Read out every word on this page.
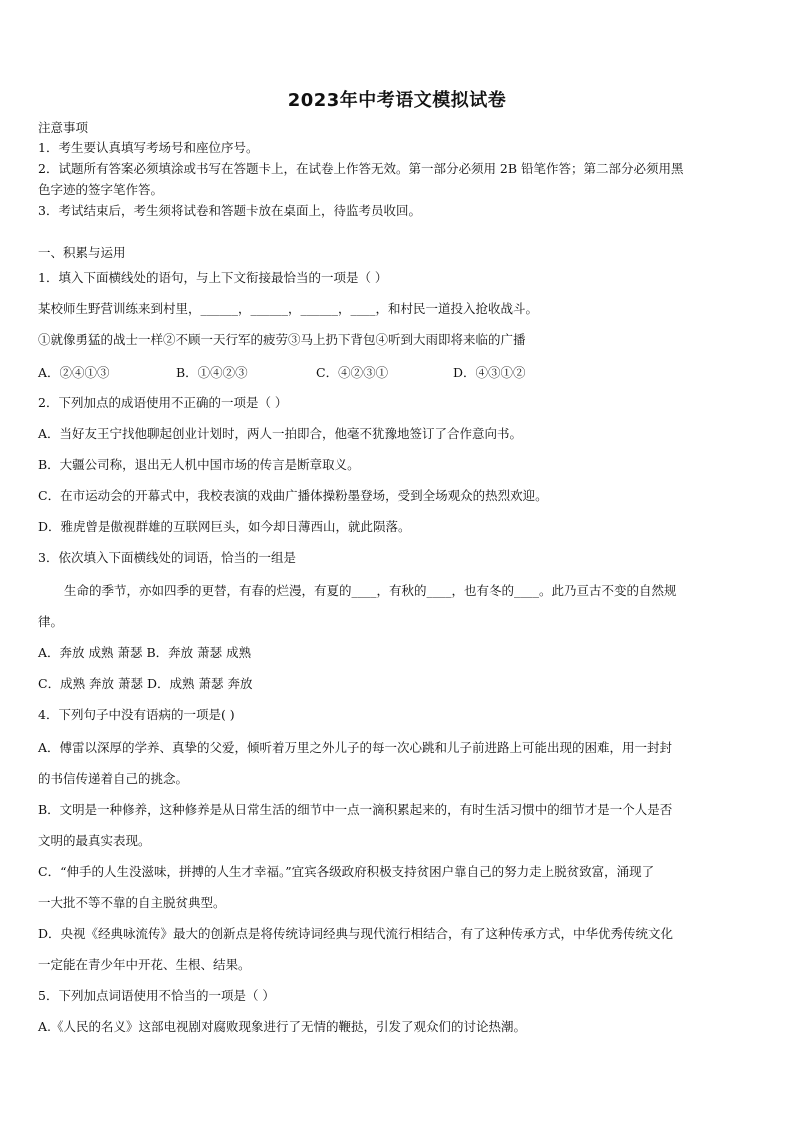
2023年中考语文模拟试卷
注意事项
1．考生要认真填写考场号和座位序号。
2．试题所有答案必须填涂或书写在答题卡上，在试卷上作答无效。第一部分必须用 2B 铅笔作答；第二部分必须用黑
色字迹的签字笔作答。
3．考试结束后，考生须将试卷和答题卡放在桌面上，待监考员收回。
一、积累与运用
1．填入下面横线处的语句，与上下文衔接最恰当的一项是（ ）
某校师生野营训练来到村里，______，______，______，____，和村民一道投入抢收战斗。
①就像勇猛的战士一样②不顾一天行军的疲劳③马上扔下背包④听到大雨即将来临的广播
A．②④①③	B．①④②③	C．④②③①	D．④③①②
2．下列加点的成语使用不正确的一项是（ ）
A．当好友王宁找他聊起创业计划时，两人一拍即合，他毫不犹豫地签订了合作意向书。
B．大疆公司称，退出无人机中国市场的传言是断章取义。
C．在市运动会的开幕式中，我校表演的戏曲广播体操粉墨登场，受到全场观众的热烈欢迎。
D．雅虎曾是傲视群雄的互联网巨头，如今却日薄西山，就此陨落。
3．依次填入下面横线处的词语，恰当的一组是
生命的季节，亦如四季的更替，有春的烂漫，有夏的____，有秋的____，也有冬的____。此乃亘古不变的自然规
律。
A．奔放 成熟 萧瑟 B．奔放 萧瑟 成熟
C．成熟 奔放 萧瑟 D．成熟 萧瑟 奔放
4．下列句子中没有语病的一项是( )
A．傅雷以深厚的学养、真挚的父爱，倾听着万里之外儿子的每一次心跳和儿子前进路上可能出现的困难，用一封封
的书信传递着自己的挑念。
B．文明是一种修养，这种修养是从日常生活的细节中一点一滴积累起来的，有时生活习惯中的细节才是一个人是否
文明的最真实表现。
C．“伸手的人生没滋味，拼搏的人生才幸福。”宜宾各级政府积极支持贫困户靠自己的努力走上脱贫致富，涌现了
一大批不等不靠的自主脱贫典型。
D．央视《经典咏流传》最大的创新点是将传统诗词经典与现代流行相结合，有了这种传承方式，中华优秀传统文化
一定能在青少年中开花、生根、结果。
5．下列加点词语使用不恰当的一项是（ ）
A.《人民的名义》这部电视剧对腐败现象进行了无情的鞭挞，引发了观众们的讨论热潮。
